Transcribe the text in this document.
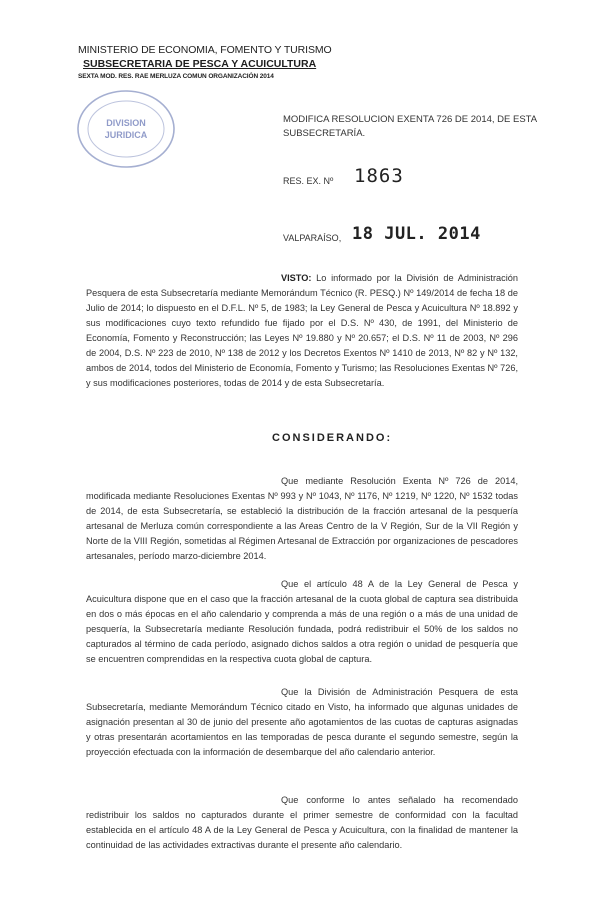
MINISTERIO DE ECONOMIA, FOMENTO Y TURISMO
SUBSECRETARIA DE PESCA Y ACUICULTURA
SEXTA MOD. RES. RAE MERLUZA COMUN ORGANIZACIÓN 2014
DIVISION
JURIDICA
MODIFICA RESOLUCION EXENTA 726 DE 2014, DE ESTA SUBSECRETARÍA.
RES. EX. Nº 1863
VALPARAÍSO, 18 JUL. 2014
VISTO: Lo informado por la División de Administración Pesquera de esta Subsecretaría mediante Memorándum Técnico (R. PESQ.) Nº 149/2014 de fecha 18 de Julio de 2014; lo dispuesto en el D.F.L. Nº 5, de 1983; la Ley General de Pesca y Acuicultura Nº 18.892 y sus modificaciones cuyo texto refundido fue fijado por el D.S. Nº 430, de 1991, del Ministerio de Economía, Fomento y Reconstrucción; las Leyes Nº 19.880 y Nº 20.657; el D.S. Nº 11 de 2003, Nº 296 de 2004, D.S. Nº 223 de 2010, Nº 138 de 2012 y los Decretos Exentos Nº 1410 de 2013, Nº 82 y Nº 132, ambos de 2014, todos del Ministerio de Economía, Fomento y Turismo; las Resoluciones Exentas Nº 726, y sus modificaciones posteriores, todas de 2014 y de esta Subsecretaría.
CONSIDERANDO:
Que mediante Resolución Exenta Nº 726 de 2014, modificada mediante Resoluciones Exentas Nº 993 y Nº 1043, Nº 1176, Nº 1219, Nº 1220, Nº 1532 todas de 2014, de esta Subsecretaría, se estableció la distribución de la fracción artesanal de la pesquería artesanal de Merluza común correspondiente a las Areas Centro de la V Región, Sur de la VII Región y Norte de la VIII Región, sometidas al Régimen Artesanal de Extracción por organizaciones de pescadores artesanales, período marzo-diciembre 2014.
Que el artículo 48 A de la Ley General de Pesca y Acuicultura dispone que en el caso que la fracción artesanal de la cuota global de captura sea distribuida en dos o más épocas en el año calendario y comprenda a más de una región o a más de una unidad de pesquería, la Subsecretaría mediante Resolución fundada, podrá redistribuir el 50% de los saldos no capturados al término de cada período, asignado dichos saldos a otra región o unidad de pesquería que se encuentren comprendidas en la respectiva cuota global de captura.
Que la División de Administración Pesquera de esta Subsecretaría, mediante Memorándum Técnico citado en Visto, ha informado que algunas unidades de asignación presentan al 30 de junio del presente año agotamientos de las cuotas de capturas asignadas y otras presentarán acortamientos en las temporadas de pesca durante el segundo semestre, según la proyección efectuada con la información de desembarque del año calendario anterior.
Que conforme lo antes señalado ha recomendado redistribuir los saldos no capturados durante el primer semestre de conformidad con la facultad establecida en el artículo 48 A de la Ley General de Pesca y Acuicultura, con la finalidad de mantener la continuidad de las actividades extractivas durante el presente año calendario.
